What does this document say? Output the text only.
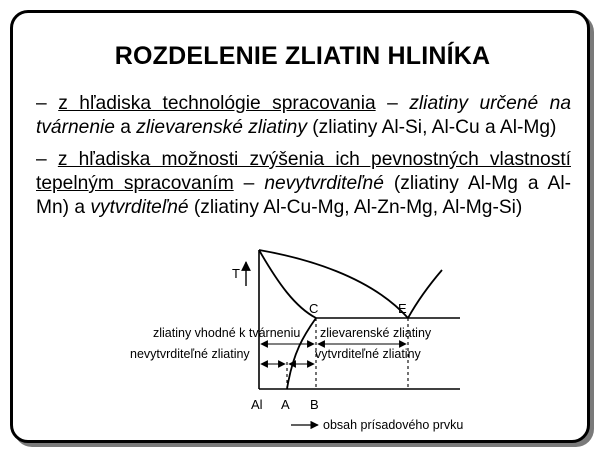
ROZDELENIE ZLIATIN HLINÍKA
– z hľadiska technológie spracovania – zliatiny určené na tvárnenie a zlievarenské zliatiny (zliatiny Al-Si, Al-Cu a Al-Mg)
– z hľadiska možnosti zvýšenia ich pevnostných vlastností tepelným spracovaním – nevytvrditeľné (zliatiny Al-Mg a Al-Mn) a vytvrditeľné (zliatiny Al-Cu-Mg, Al-Zn-Mg, Al-Mg-Si)
T
C	E
zliatiny vhodné k tvárneniu zlievarenské zliatiny
nevytvrditeľné zliatiny	vytvrditeľné zliatiny
Al A B
obsah prísadového prvku
